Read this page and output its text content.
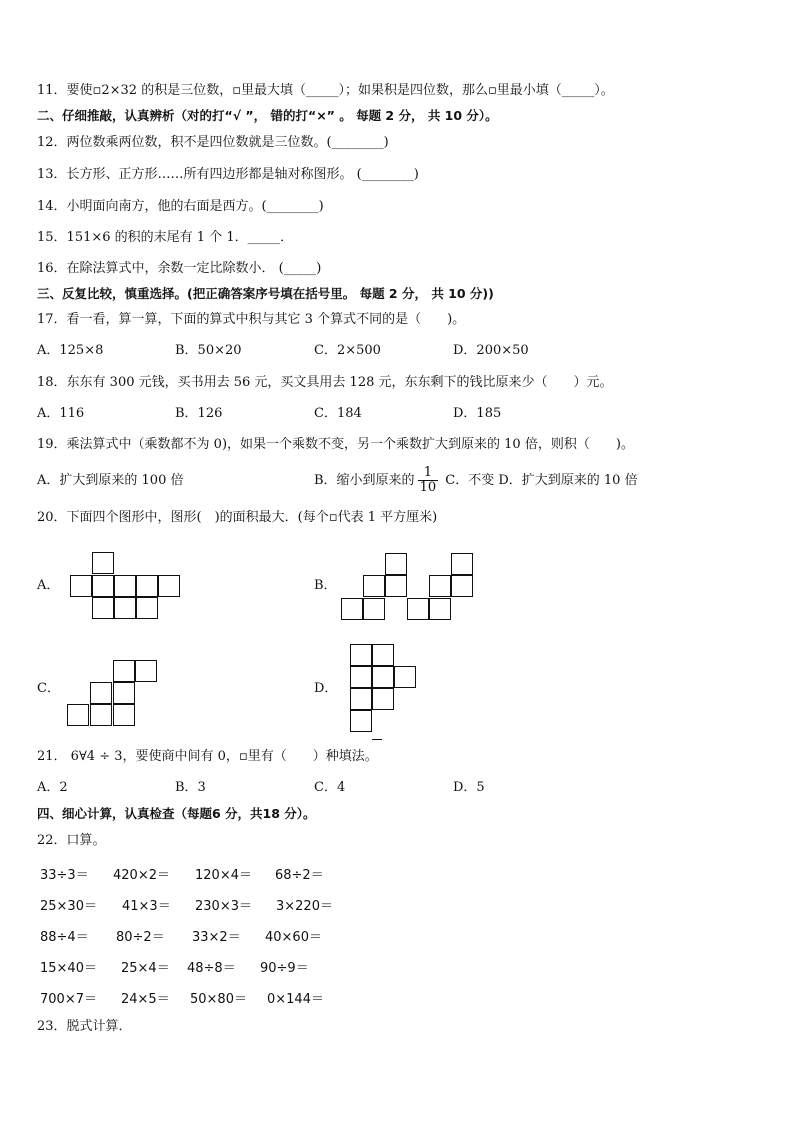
11．要使▫2×32 的积是三位数，▫里最大填（_____）；如果积是四位数，那么▫里最小填（_____）。
二、仔细推敲，认真辨析（对的打“√ ”， 错的打“×” 。 每题 2 分， 共 10 分）。
12．两位数乘两位数，积不是四位数就是三位数。(________)
13．长方形、正方形……所有四边形都是轴对称图形。 (________)
14．小明面向南方，他的右面是西方。(________)
15．151×6 的积的末尾有 1 个 1．_____．
16．在除法算式中，余数一定比除数小． (_____)
三、反复比较，慎重选择。(把正确答案序号填在括号里。 每题 2 分， 共 10 分))
17．看一看，算一算，下面的算式中积与其它 3 个算式不同的是（　　)。
A．125×8	B．50×20	C．2×500	D．200×50
18．东东有 300 元钱，买书用去 56 元，买文具用去 128 元，东东剩下的钱比原来少（　　）元。
A．116	B．126	C．184	D．185
19．乘法算式中（乘数都不为 0)，如果一个乘数不变，另一个乘数扩大到原来的 10 倍，则积（　　)。
A．扩大到原来的 100 倍	B．缩小到原来的 $\frac{1}{10}$ C．不变 D．扩大到原来的 10 倍
20．下面四个图形中，图形(　)的面积最大．(每个▫代表 1 平方厘米)
A．	B．
C．	D．
21． 6∀4 ÷ 3，要使商中间有 0，▫里有（　　）种填法。
A．2	B．3	C．4	D．5
四、细心计算，认真检查（每题6 分，共18 分）。
22．口算。
33÷3＝ 420×2＝ 120×4＝ 68÷2＝
25×30＝ 41×3＝ 230×3＝ 3×220＝
88÷4＝ 80÷2＝ 33×2＝ 40×60＝
15×40＝ 25×4＝ 48÷8＝ 90÷9＝
700×7＝ 24×5＝ 50×80＝ 0×144＝
23．脱式计算．
